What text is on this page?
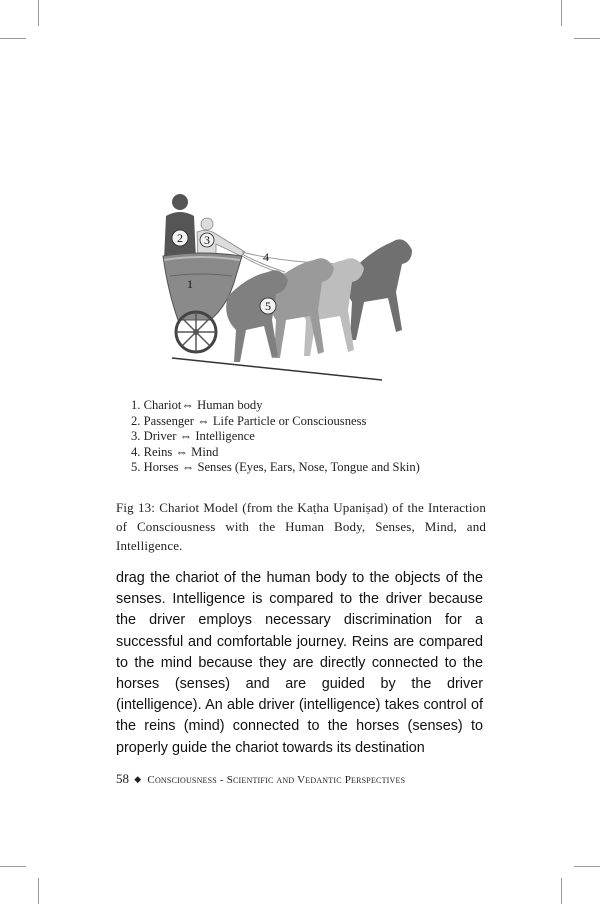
2 3
4
1
5
1. Chariot⇔ Human body
2. Passenger ⇔ Life Particle or Consciousness
3. Driver ⇔ Intelligence
4. Reins ⇔ Mind
5. Horses ⇔ Senses (Eyes, Ears, Nose, Tongue and Skin)

Fig 13: Chariot Model (from the Kaṭha Upaniṣad) of the Interaction of Consciousness with the Human Body, Senses, Mind, and Intelligence.

drag the chariot of the human body to the objects of the senses. Intelligence is compared to the driver because the driver employs necessary discrimination for a successful and comfortable journey. Reins are compared to the mind because they are directly connected to the horses (senses) and are guided by the driver (intelligence). An able driver (intelligence) takes control of the reins (mind) connected to the horses (senses) to properly guide the chariot towards its destination

58 ◆ Consciousness - Scientific and Vedantic Perspectives
